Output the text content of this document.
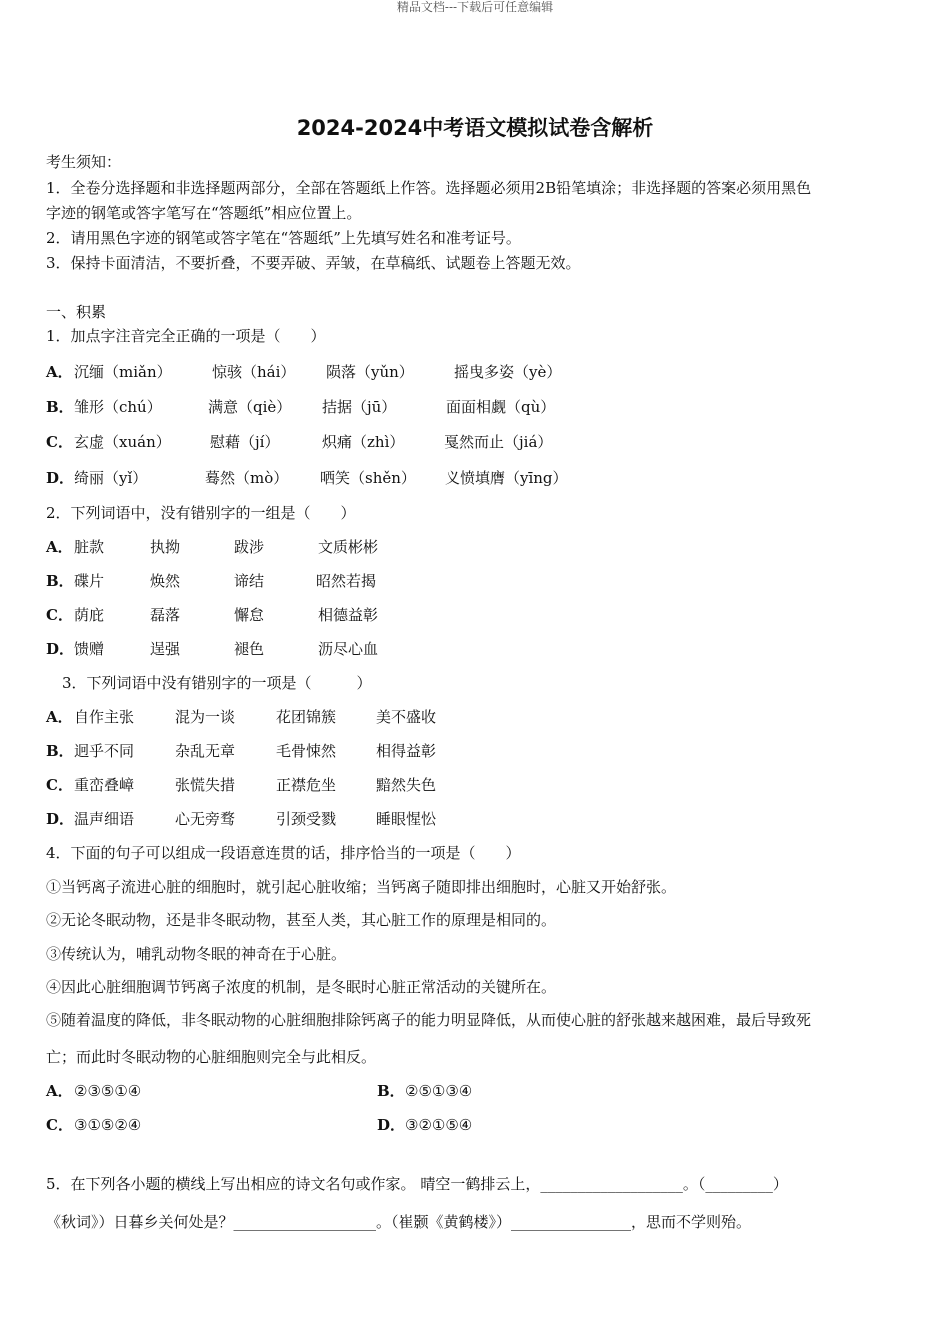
精品文档---下载后可任意编辑
2024-2024中考语文模拟试卷含解析
考生须知：
1．全卷分选择题和非选择题两部分，全部在答题纸上作答。选择题必须用2B铅笔填涂；非选择题的答案必须用黑色
字迹的钢笔或答字笔写在“答题纸”相应位置上。
2．请用黑色字迹的钢笔或答字笔在“答题纸”上先填写姓名和准考证号。
3．保持卡面清洁，不要折叠，不要弄破、弄皱，在草稿纸、试题卷上答题无效。
一、积累
1．加点字注音完全正确的一项是（　　）
A． 沉缅（miǎn）	惊骇（hái） 陨落（yǔn）	摇曳多姿（yè）
B． 雏形（chú）	满意（qiè） 拮据（jū）	面面相觑（qù）
C． 玄虚（xuán）	慰藉（jí）	炽痛（zhì）	戛然而止（jiá）
D． 绮丽（yǐ）	蓦然（mò） 哂笑（shěn） 义愤填膺（yīng）
2．下列词语中，没有错别字的一组是（　　）
A． 脏款	执拗	跋涉	文质彬彬
B． 碟片	焕然	谛结	昭然若揭
C． 荫庇	磊落	懈怠	相德益彰
D． 馈赠	逞强	褪色	沥尽心血
3．下列词语中没有错别字的一项是（　　　）
A． 自作主张	混为一谈	花团锦簇	美不盛收
B． 迥乎不同	杂乱无章	毛骨悚然	相得益彰
C． 重峦叠嶂	张慌失措	正襟危坐	黯然失色
D． 温声细语	心无旁骛	引颈受戮	睡眼惺忪
4．下面的句子可以组成一段语意连贯的话，排序恰当的一项是（　　）
①当钙离子流进心脏的细胞时，就引起心脏收缩；当钙离子随即排出细胞时，心脏又开始舒张。
②无论冬眠动物，还是非冬眠动物，甚至人类，其心脏工作的原理是相同的。
③传统认为，哺乳动物冬眠的神奇在于心脏。
④因此心脏细胞调节钙离子浓度的机制，是冬眠时心脏正常活动的关键所在。
⑤随着温度的降低，非冬眠动物的心脏细胞排除钙离子的能力明显降低，从而使心脏的舒张越来越困难，最后导致死
亡；而此时冬眠动物的心脏细胞则完全与此相反。
A． ②③⑤①④	B． ②⑤①③④
C． ③①⑤②④	D． ③②①⑤④
5．在下列各小题的横线上写出相应的诗文名句或作家。 晴空一鹤排云上，___________________。（_________）
《秋词》）日暮乡关何处是？___________________。（崔颢《黄鹤楼》）________________，思而不学则殆。
